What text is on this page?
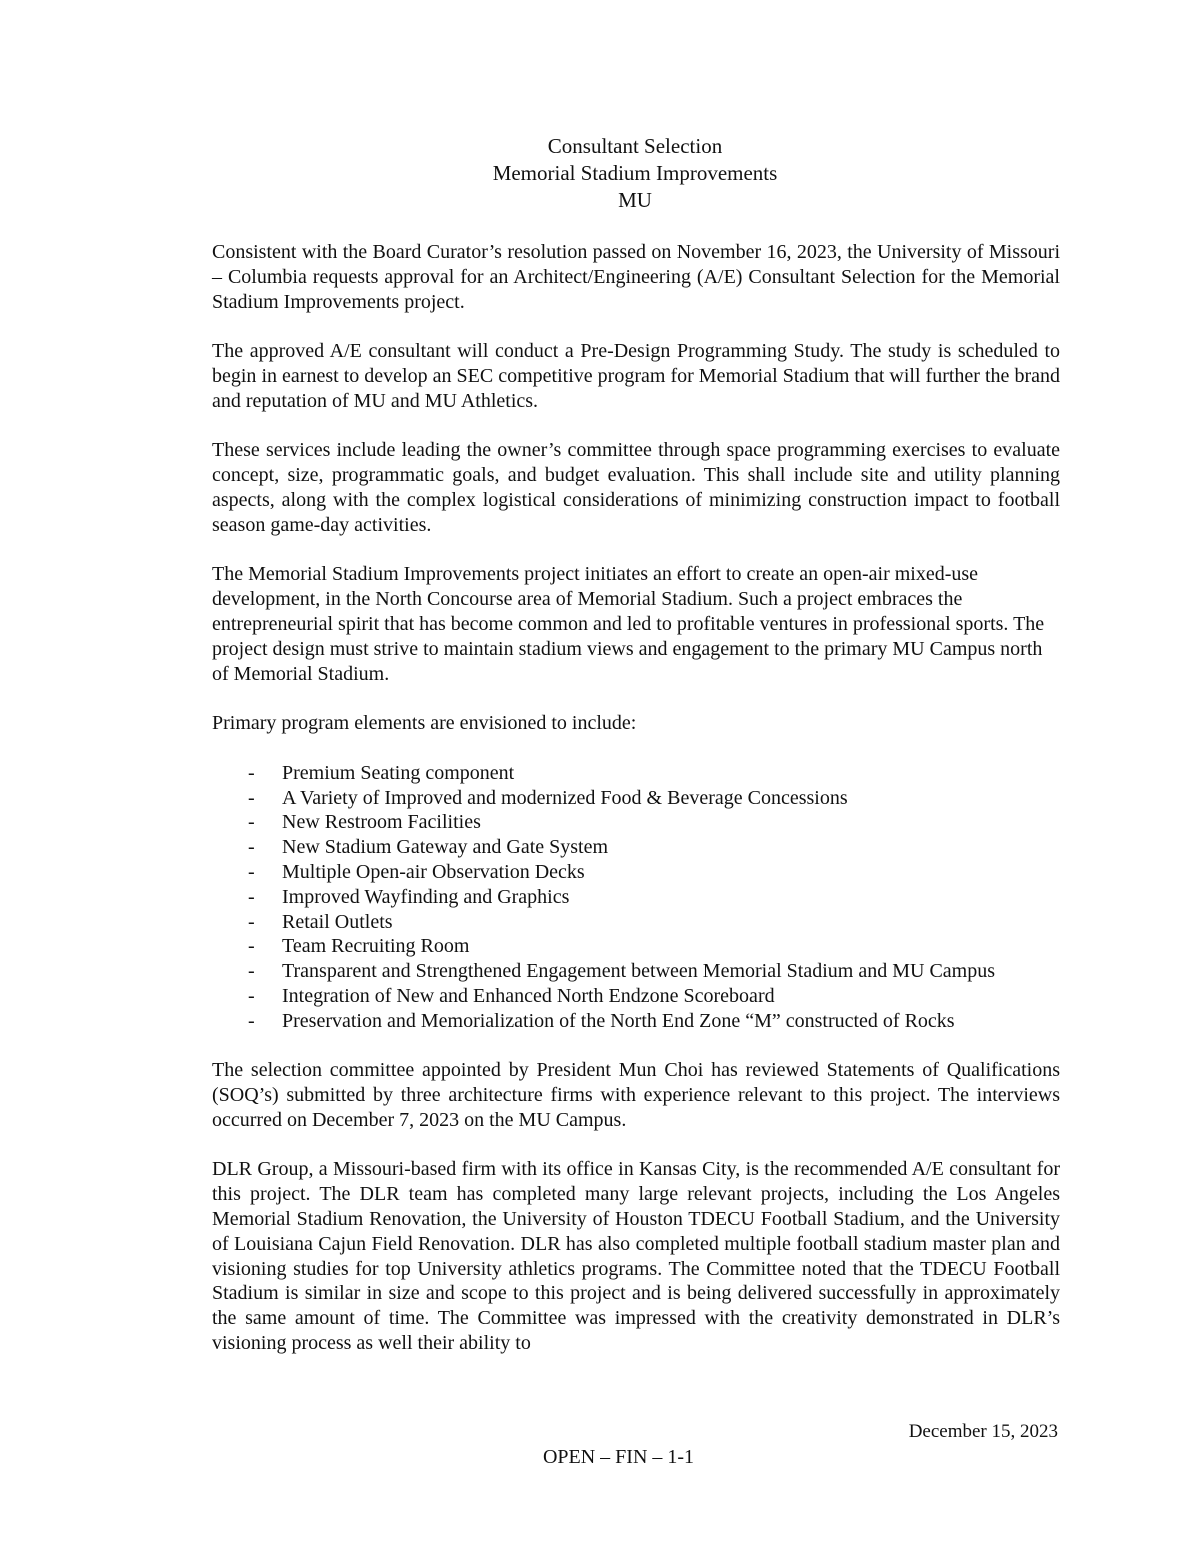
Consultant Selection
Memorial Stadium Improvements
MU

Consistent with the Board Curator’s resolution passed on November 16, 2023, the University of Missouri – Columbia requests approval for an Architect/Engineering (A/E) Consultant Selection for the Memorial Stadium Improvements project.

The approved A/E consultant will conduct a Pre-Design Programming Study. The study is scheduled to begin in earnest to develop an SEC competitive program for Memorial Stadium that will further the brand and reputation of MU and MU Athletics.

These services include leading the owner’s committee through space programming exercises to evaluate concept, size, programmatic goals, and budget evaluation. This shall include site and utility planning aspects, along with the complex logistical considerations of minimizing construction impact to football season game-day activities.

The Memorial Stadium Improvements project initiates an effort to create an open-air mixed-use development, in the North Concourse area of Memorial Stadium. Such a project embraces the entrepreneurial spirit that has become common and led to profitable ventures in professional sports. The project design must strive to maintain stadium views and engagement to the primary MU Campus north of Memorial Stadium.

Primary program elements are envisioned to include:

- Premium Seating component
- A Variety of Improved and modernized Food & Beverage Concessions
- New Restroom Facilities
- New Stadium Gateway and Gate System
- Multiple Open-air Observation Decks
- Improved Wayfinding and Graphics
- Retail Outlets
- Team Recruiting Room
- Transparent and Strengthened Engagement between Memorial Stadium and MU Campus
- Integration of New and Enhanced North Endzone Scoreboard
- Preservation and Memorialization of the North End Zone “M” constructed of Rocks

The selection committee appointed by President Mun Choi has reviewed Statements of Qualifications (SOQ’s) submitted by three architecture firms with experience relevant to this project. The interviews occurred on December 7, 2023 on the MU Campus.

DLR Group, a Missouri-based firm with its office in Kansas City, is the recommended A/E consultant for this project. The DLR team has completed many large relevant projects, including the Los Angeles Memorial Stadium Renovation, the University of Houston TDECU Football Stadium, and the University of Louisiana Cajun Field Renovation. DLR has also completed multiple football stadium master plan and visioning studies for top University athletics programs. The Committee noted that the TDECU Football Stadium is similar in size and scope to this project and is being delivered successfully in approximately the same amount of time. The Committee was impressed with the creativity demonstrated in DLR’s visioning process as well their ability to

December 15, 2023
OPEN – FIN – 1-1
